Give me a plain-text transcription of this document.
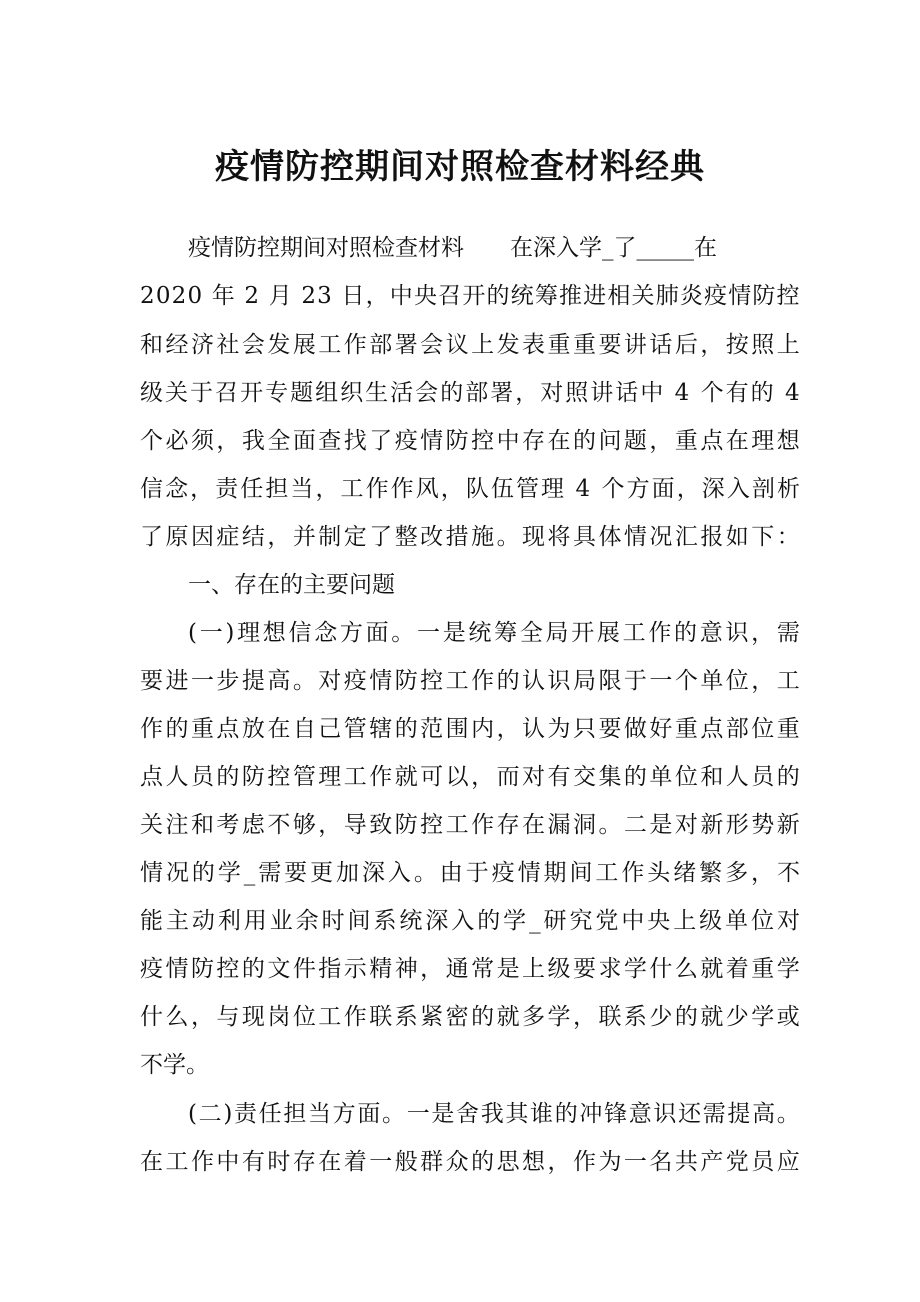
疫情防控期间对照检查材料经典
疫情防控期间对照检查材料　　在深入学_了_____在
2 0 2 0
年
2
月
2 3
日 ， 中 央 召 开 的 统 筹 推 进 相 关 肺 炎 疫 情 防 控
和 经 济 社 会 发 展 工 作 部 署 会 议 上 发 表 重 重 要 讲 话 后 ， 按 照 上
级 关 于 召 开 专 题 组 织 生 活 会 的 部 署 ， 对 照 讲 话 中
4
个 有 的
4
个 必 须 ， 我 全 面 查 找 了 疫 情 防 控 中 存 在 的 问 题 ， 重 点 在 理 想
信 念 ， 责 任 担 当 ， 工 作 作 风 ， 队 伍 管 理
4
个 方 面 ， 深 入 剖 析
了 原 因 症 结 ， 并 制 定 了 整 改 措 施 。 现 将 具 体 情 况 汇 报 如 下 ：
一、存在的主要问题
( 一 ) 理 想 信 念 方 面 。 一 是 统 筹 全 局 开 展 工 作 的 意 识 ， 需
要 进 一 步 提 高 。 对 疫 情 防 控 工 作 的 认 识 局 限 于 一 个 单 位 ， 工
作 的 重 点 放 在 自 己 管 辖 的 范 围 内 ， 认 为 只 要 做 好 重 点 部 位 重
点 人 员 的 防 控 管 理 工 作 就 可 以 ， 而 对 有 交 集 的 单 位 和 人 员 的
关 注 和 考 虑 不 够 ， 导 致 防 控 工 作 存 在 漏 洞 。 二 是 对 新 形 势 新
情 况 的 学 _ 需 要 更 加 深 入 。 由 于 疫 情 期 间 工 作 头 绪 繁 多 ， 不
能 主 动 利 用 业 余 时 间 系 统 深 入 的 学 _ 研 究 党 中 央 上 级 单 位 对
疫 情 防 控 的 文 件 指 示 精 神 ， 通 常 是 上 级 要 求 学 什 么 就 着 重 学
什 么 ， 与 现 岗 位 工 作 联 系 紧 密 的 就 多 学 ， 联 系 少 的 就 少 学 或
不学。
( 二 ) 责 任 担 当 方 面 。 一 是 舍 我 其 谁 的 冲 锋 意 识 还 需 提 高 。
在 工 作 中 有 时 存 在 着 一 般 群 众 的 思 想 ， 作 为 一 名 共 产 党 员 应
